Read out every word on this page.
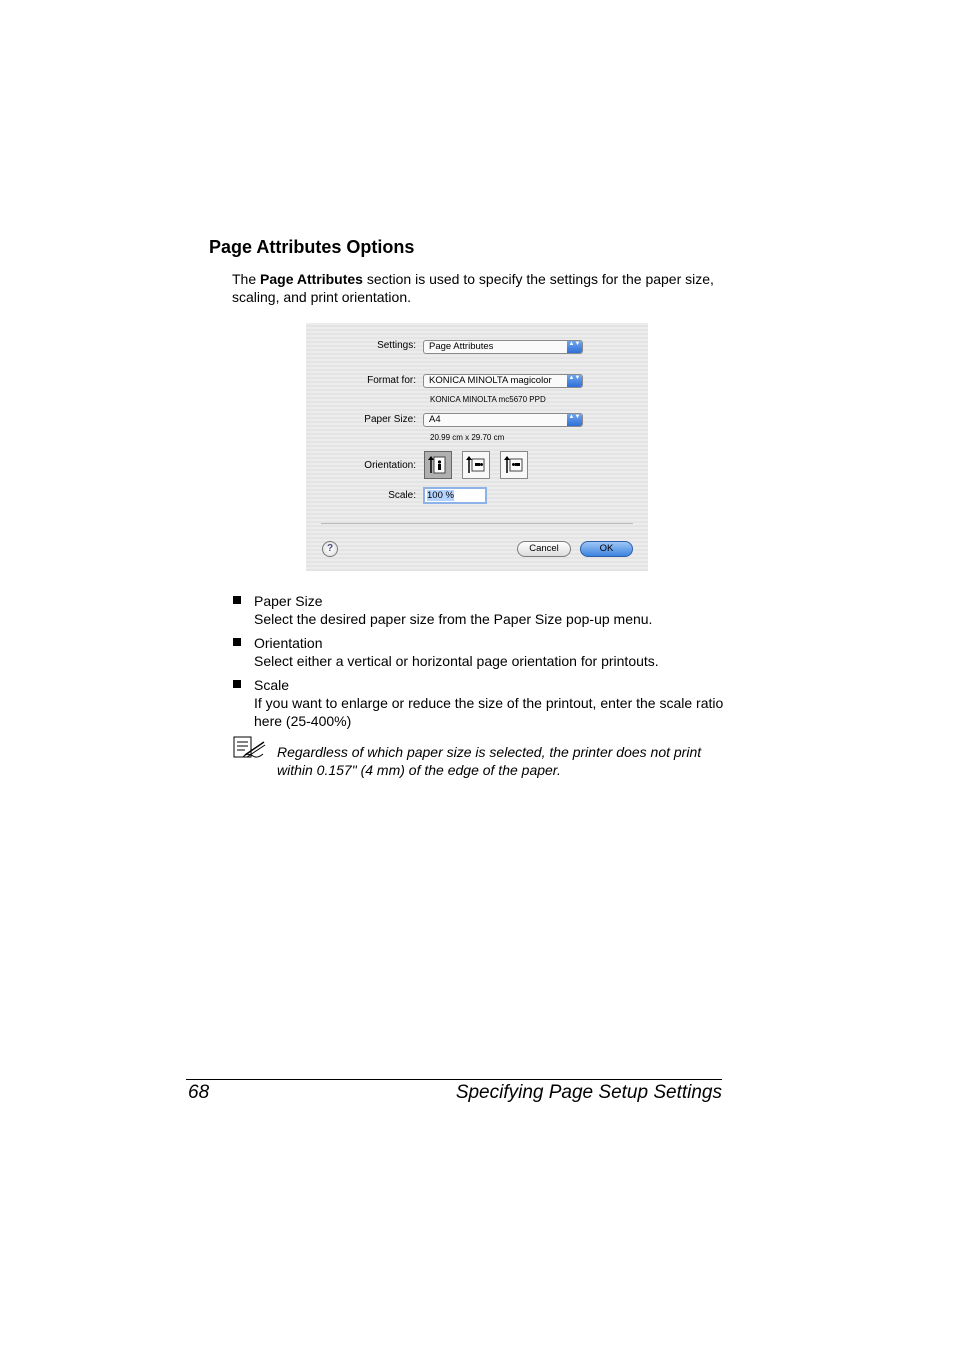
Page Attributes Options
The Page Attributes section is used to specify the settings for the paper size, scaling, and print orientation.
Settings:	Page Attributes	▲▼
Format for:	KONICA MINOLTA magicolor	▲▼
KONICA MINOLTA mc5670 PPD
Paper Size:	A4	▲▼
20.99 cm x 29.70 cm
Orientation:
Scale:	100 %
?	Cancel	OK
Paper Size
Select the desired paper size from the Paper Size pop-up menu.
Orientation
Select either a vertical or horizontal page orientation for printouts.
Scale
If you want to enlarge or reduce the size of the printout, enter the scale ratio here (25-400%)
Regardless of which paper size is selected, the printer does not print within 0.157" (4 mm) of the edge of the paper.
68	Specifying Page Setup Settings
